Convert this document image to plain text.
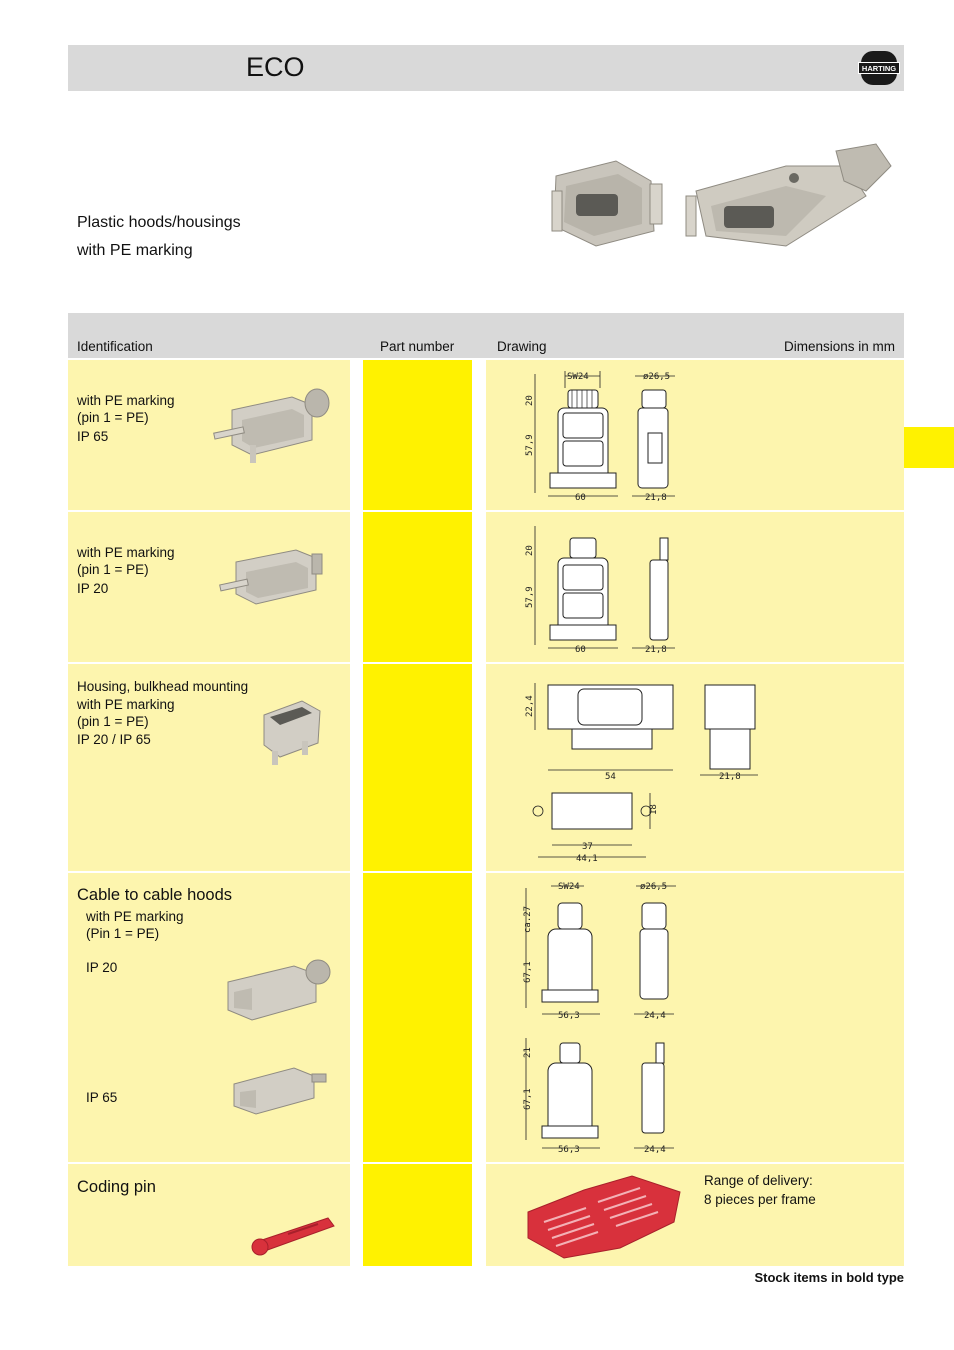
ECO	HARTING
Plastic hoods/housings
with PE marking
Identification	Part number	Drawing	Dimensions in mm
with PE marking
(pin 1 = PE)
IP 65
SW24
20
57,9
60
ø26,5
21,8
with PE marking
(pin 1 = PE)
IP 20
20
57,9
60	21,8
Housing, bulkhead mounting
with PE marking
(pin 1 = PE)
IP 20 / IP 65
22,4
54	21,8
18
37
44,1
Cable to cable hoods
with PE marking
(Pin 1 = PE)
IP 20
IP 65
SW24
ca.27
67,1
56,3
ø26,5
24,4
21
67,1
56,3	24,4
Coding pin	Range of delivery:
8 pieces per frame
Stock items in bold type
